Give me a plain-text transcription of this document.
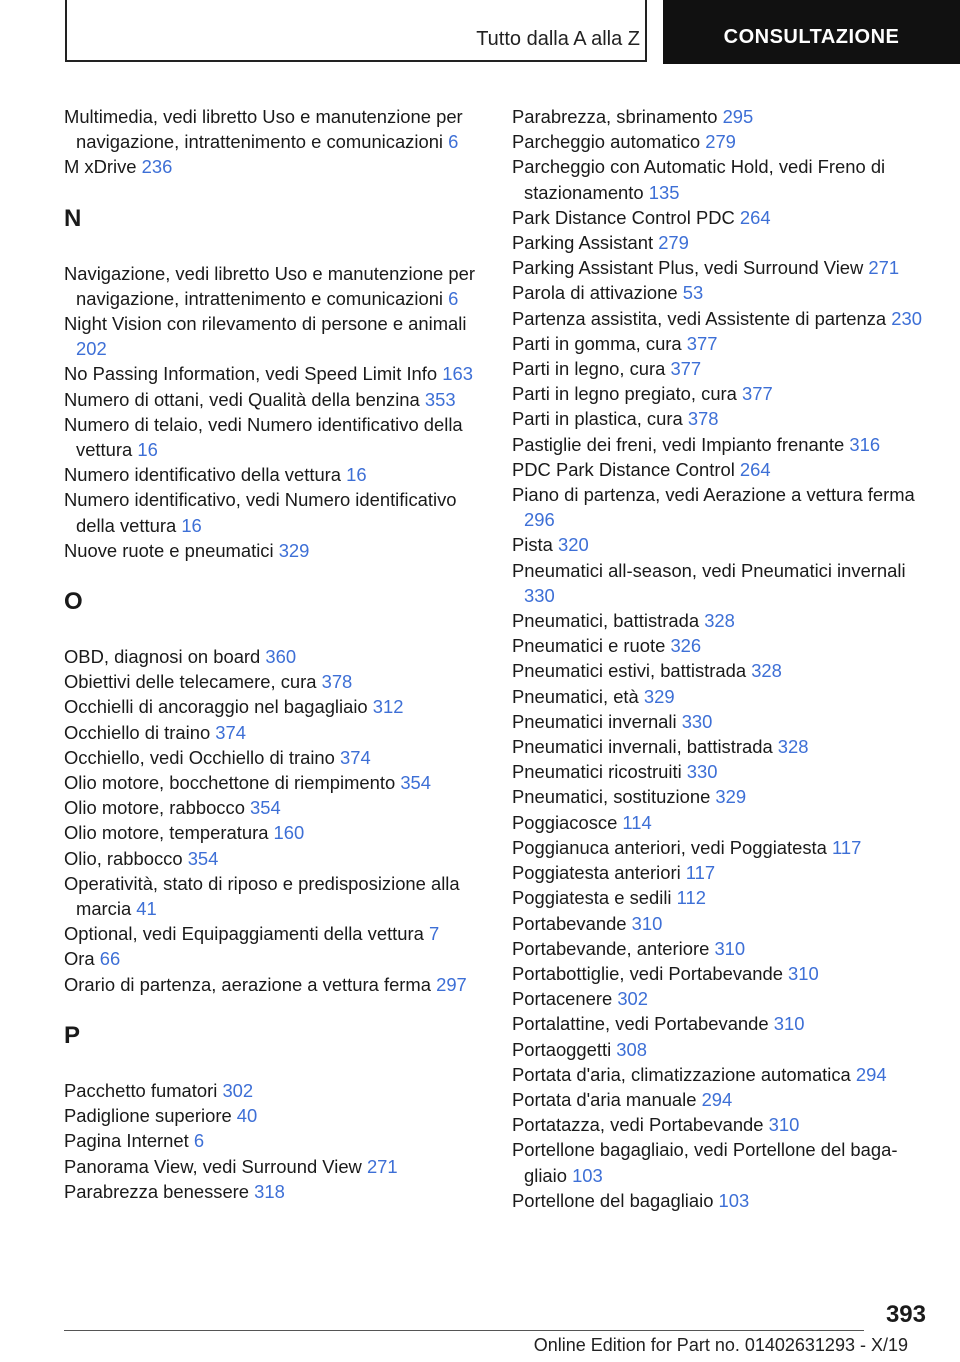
Tutto dalla A alla Z	CONSULTAZIONE
Multimedia, vedi libretto Uso e manutenzione per navigazione, intrattenimento e comunicazioni 6
M xDrive 236
N
Navigazione, vedi libretto Uso e manutenzione per navigazione, intrattenimento e comunicazioni 6
Night Vision con rilevamento di persone e animali 202
No Passing Information, vedi Speed Limit Info 163
Numero di ottani, vedi Qualità della benzina 353
Numero di telaio, vedi Numero identificativo della vettura 16
Numero identificativo della vettura 16
Numero identificativo, vedi Numero identificativo della vettura 16
Nuove ruote e pneumatici 329
O
OBD, diagnosi on board 360
Obiettivi delle telecamere, cura 378
Occhielli di ancoraggio nel bagagliaio 312
Occhiello di traino 374
Occhiello, vedi Occhiello di traino 374
Olio motore, bocchettone di riempimento 354
Olio motore, rabbocco 354
Olio motore, temperatura 160
Olio, rabbocco 354
Operatività, stato di riposo e predisposizione alla marcia 41
Optional, vedi Equipaggiamenti della vettura 7
Ora 66
Orario di partenza, aerazione a vettura ferma 297
P
Pacchetto fumatori 302
Padiglione superiore 40
Pagina Internet 6
Panorama View, vedi Surround View 271
Parabrezza benessere 318
Parabrezza, sbrinamento 295
Parcheggio automatico 279
Parcheggio con Automatic Hold, vedi Freno di stazionamento 135
Park Distance Control PDC 264
Parking Assistant 279
Parking Assistant Plus, vedi Surround View 271
Parola di attivazione 53
Partenza assistita, vedi Assistente di partenza 230
Parti in gomma, cura 377
Parti in legno, cura 377
Parti in legno pregiato, cura 377
Parti in plastica, cura 378
Pastiglie dei freni, vedi Impianto frenante 316
PDC Park Distance Control 264
Piano di partenza, vedi Aerazione a vettura ferma 296
Pista 320
Pneumatici all-season, vedi Pneumatici invernali 330
Pneumatici, battistrada 328
Pneumatici e ruote 326
Pneumatici estivi, battistrada 328
Pneumatici, età 329
Pneumatici invernali 330
Pneumatici invernali, battistrada 328
Pneumatici ricostruiti 330
Pneumatici, sostituzione 329
Poggiacosce 114
Poggianuca anteriori, vedi Poggiatesta 117
Poggiatesta anteriori 117
Poggiatesta e sedili 112
Portabevande 310
Portabevande, anteriore 310
Portabottiglie, vedi Portabevande 310
Portacenere 302
Portalattine, vedi Portabevande 310
Portaoggetti 308
Portata d'aria, climatizzazione automatica 294
Portata d'aria manuale 294
Portatazza, vedi Portabevande 310
Portellone bagagliaio, vedi Portellone del bagagliaio 103
Portellone del bagagliaio 103
393
Online Edition for Part no. 01402631293 - X/19
